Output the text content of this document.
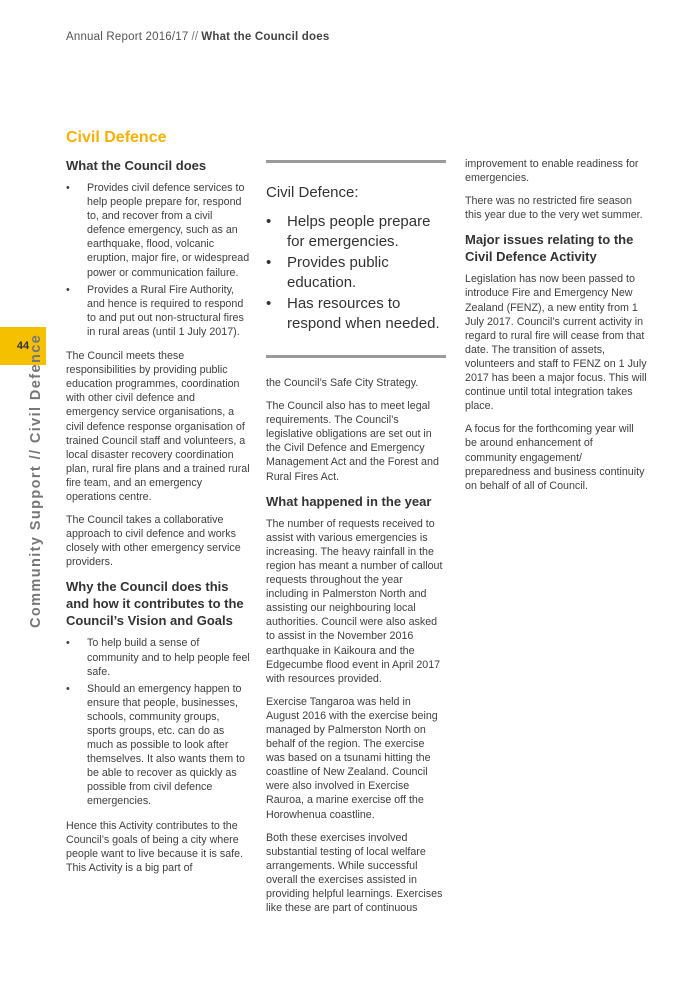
Annual Report 2016/17 // What the Council does
44
Community Support // Civil Defence
Civil Defence
What the Council does
• Provides civil defence services to help people prepare for, respond to, and recover from a civil defence emergency, such as an earthquake, flood, volcanic eruption, major fire, or widespread power or communication failure.
• Provides a Rural Fire Authority, and hence is required to respond to and put out non-structural fires in rural areas (until 1 July 2017).

The Council meets these responsibilities by providing public education programmes, coordination with other civil defence and emergency service organisations, a civil defence response organisation of trained Council staff and volunteers, a local disaster recovery coordination plan, rural fire plans and a trained rural fire team, and an emergency operations centre.

The Council takes a collaborative approach to civil defence and works closely with other emergency service providers.

Why the Council does this and how it contributes to the Council’s Vision and Goals
• To help build a sense of community and to help people feel safe.
• Should an emergency happen to ensure that people, businesses, schools, community groups, sports groups, etc. can do as much as possible to look after themselves. It also wants them to be able to recover as quickly as possible from civil defence emergencies.

Hence this Activity contributes to the Council’s goals of being a city where people want to live because it is safe. This Activity is a big part of

Civil Defence:
• Helps people prepare for emergencies.
• Provides public education.
• Has resources to respond when needed.

the Council’s Safe City Strategy.

The Council also has to meet legal requirements. The Council’s legislative obligations are set out in the Civil Defence and Emergency Management Act and the Forest and Rural Fires Act.

What happened in the year

The number of requests received to assist with various emergencies is increasing. The heavy rainfall in the region has meant a number of callout requests throughout the year including in Palmerston North and assisting our neighbouring local authorities. Council were also asked to assist in the November 2016 earthquake in Kaikoura and the Edgecumbe flood event in April 2017 with resources provided.

Exercise Tangaroa was held in August 2016 with the exercise being managed by Palmerston North on behalf of the region. The exercise was based on a tsunami hitting the coastline of New Zealand. Council were also involved in Exercise Rauroa, a marine exercise off the Horowhenua coastline.

Both these exercises involved substantial testing of local welfare arrangements. While successful overall the exercises assisted in providing helpful learnings. Exercises like these are part of continuous

improvement to enable readiness for emergencies.

There was no restricted fire season this year due to the very wet summer.

Major issues relating to the Civil Defence Activity

Legislation has now been passed to introduce Fire and Emergency New Zealand (FENZ), a new entity from 1 July 2017. Council’s current activity in regard to rural fire will cease from that date. The transition of assets, volunteers and staff to FENZ on 1 July 2017 has been a major focus. This will continue until total integration takes place.

A focus for the forthcoming year will be around enhancement of community engagement/ preparedness and business continuity on behalf of all of Council.
